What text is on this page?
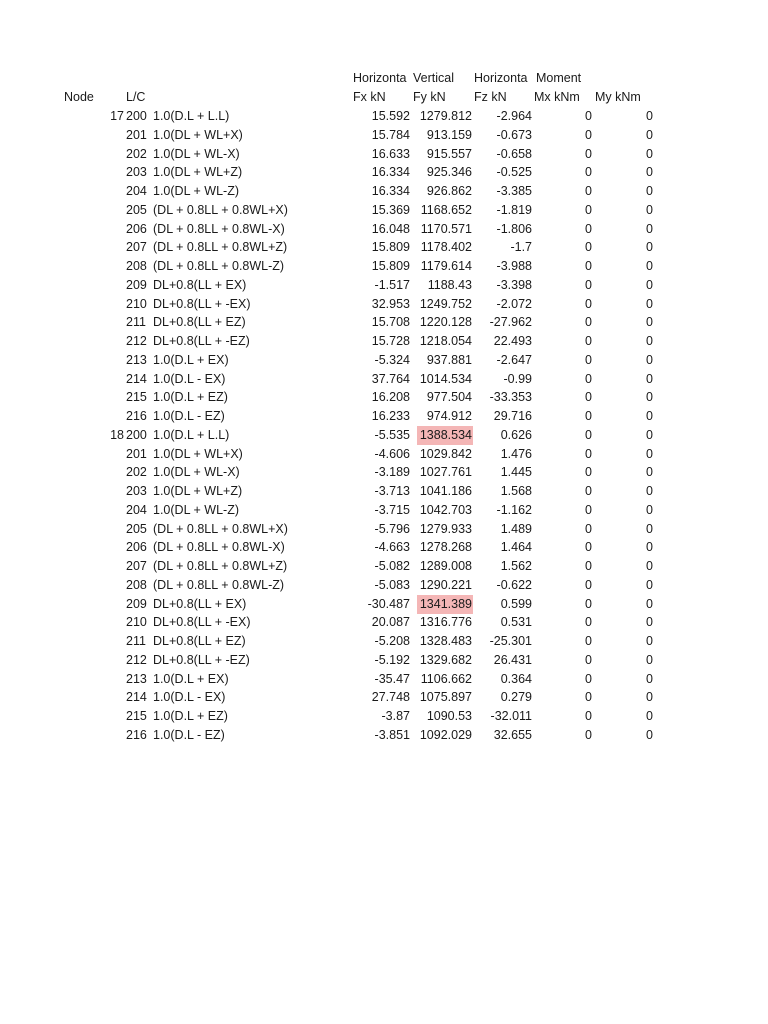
Horizonta Vertical Horizonta Moment
Node	L/C	Fx kN Fy kN Fz kN Mx kNm My kNm
17 200 1.0(D.L + L.L)	15.592 1279.812 -2.964	0	0
201 1.0(DL + WL+X)	15.784 913.159 -0.673	0	0
202 1.0(DL + WL-X)	16.633 915.557 -0.658	0	0
203 1.0(DL + WL+Z)	16.334 925.346 -0.525	0	0
204 1.0(DL + WL-Z)	16.334 926.862 -3.385	0	0
205 (DL + 0.8LL + 0.8WL+X)	15.369 1168.652 -1.819	0	0
206 (DL + 0.8LL + 0.8WL-X)	16.048 1170.571 -1.806	0	0
207 (DL + 0.8LL + 0.8WL+Z)	15.809 1178.402	-1.7	0	0
208 (DL + 0.8LL + 0.8WL-Z)	15.809 1179.614 -3.988	0	0
209 DL+0.8(LL + EX)	-1.517 1188.43 -3.398	0	0
210 DL+0.8(LL + -EX)	32.953 1249.752 -2.072	0	0
211 DL+0.8(LL + EZ)	15.708 1220.128 -27.962	0	0
212 DL+0.8(LL + -EZ)	15.728 1218.054 22.493	0	0
213 1.0(D.L + EX)	-5.324 937.881 -2.647	0	0
214 1.0(D.L - EX)	37.764 1014.534	-0.99	0	0
215 1.0(D.L + EZ)	16.208 977.504 -33.353	0	0
216 1.0(D.L - EZ)	16.233 974.912 29.716	0	0
18 200 1.0(D.L + L.L)	-5.535 1388.534 0.626	0	0
201 1.0(DL + WL+X)	-4.606 1029.842 1.476	0	0
202 1.0(DL + WL-X)	-3.189 1027.761 1.445	0	0
203 1.0(DL + WL+Z)	-3.713 1041.186 1.568	0	0
204 1.0(DL + WL-Z)	-3.715 1042.703 -1.162	0	0
205 (DL + 0.8LL + 0.8WL+X)	-5.796 1279.933 1.489	0	0
206 (DL + 0.8LL + 0.8WL-X)	-4.663 1278.268 1.464	0	0
207 (DL + 0.8LL + 0.8WL+Z)	-5.082 1289.008 1.562	0	0
208 (DL + 0.8LL + 0.8WL-Z)	-5.083 1290.221 -0.622	0	0
209 DL+0.8(LL + EX)	-30.487 1341.389 0.599	0	0
210 DL+0.8(LL + -EX)	20.087 1316.776 0.531	0	0
211 DL+0.8(LL + EZ)	-5.208 1328.483 -25.301	0	0
212 DL+0.8(LL + -EZ)	-5.192 1329.682 26.431	0	0
213 1.0(D.L + EX)	-35.47 1106.662 0.364	0	0
214 1.0(D.L - EX)	27.748 1075.897 0.279	0	0
215 1.0(D.L + EZ)	-3.87 1090.53 -32.011	0	0
216 1.0(D.L - EZ)	-3.851 1092.029 32.655	0	0
